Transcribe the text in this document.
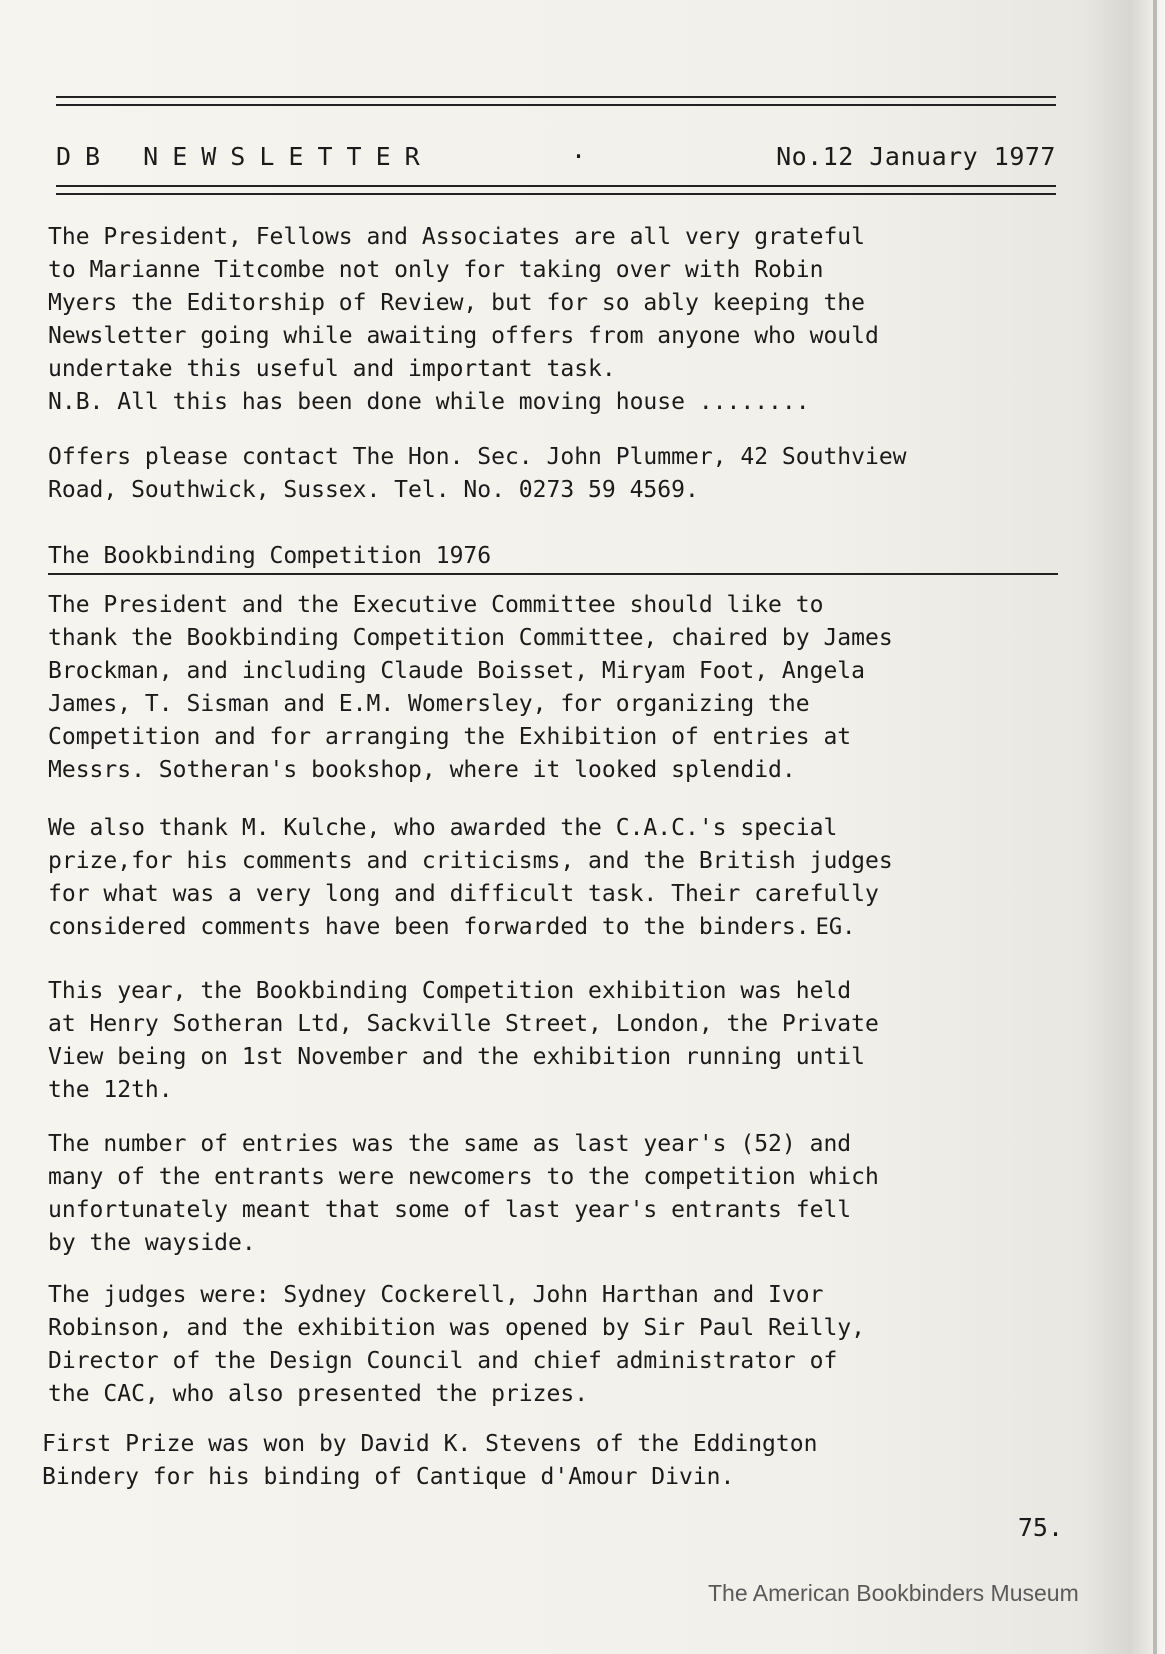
DB NEWSLETTER	·	No.12 January 1977
The President, Fellows and Associates are all very grateful
to Marianne Titcombe not only for taking over with Robin
Myers the Editorship of Review, but for so ably keeping the
Newsletter going while awaiting offers from anyone who would
undertake this useful and important task.
N.B. All this has been done while moving house ........
Offers please contact The Hon. Sec. John Plummer, 42 Southview
Road, Southwick, Sussex. Tel. No. 0273 59 4569.
The Bookbinding Competition 1976
The President and the Executive Committee should like to
thank the Bookbinding Competition Committee, chaired by James
Brockman, and including Claude Boisset, Miryam Foot, Angela
James, T. Sisman and E.M. Womersley, for organizing the
Competition and for arranging the Exhibition of entries at
Messrs. Sotheran's bookshop, where it looked splendid.

We also thank M. Kulche, who awarded the C.A.C.'s special
prize,for his comments and criticisms, and the British judges
for what was a very long and difficult task. Their carefully
considered comments have been forwarded to the binders. EG.

This year, the Bookbinding Competition exhibition was held
at Henry Sotheran Ltd, Sackville Street, London, the Private
View being on 1st November and the exhibition running until
the 12th.
The number of entries was the same as last year's (52) and
many of the entrants were newcomers to the competition which
unfortunately meant that some of last year's entrants fell
by the wayside.
The judges were: Sydney Cockerell, John Harthan and Ivor
Robinson, and the exhibition was opened by Sir Paul Reilly,
Director of the Design Council and chief administrator of
the CAC, who also presented the prizes.
First Prize was won by David K. Stevens of the Eddington
Bindery for his binding of Cantique d'Amour Divin.
75.
The American Bookbinders Museum
